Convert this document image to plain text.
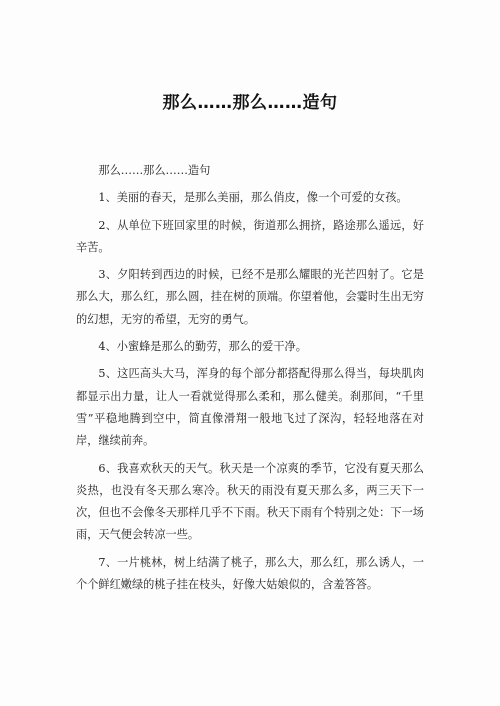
那么……那么……造句

那么……那么……造句

1、美丽的春天，是那么美丽，那么俏皮，像一个可爱的女孩。

2、从单位下班回家里的时候，街道那么拥挤，路途那么遥远，好辛苦。

3、夕阳转到西边的时候，已经不是那么耀眼的光芒四射了。它是那么大，那么红，那么圆，挂在树的顶端。你望着他，会霎时生出无穷的幻想，无穷的希望，无穷的勇气。

4、小蜜蜂是那么的勤劳，那么的爱干净。

5、这匹高头大马，浑身的每个部分都搭配得那么得当，每块肌肉都显示出力量，让人一看就觉得那么柔和，那么健美。刹那间，“千里雪”平稳地腾到空中，简直像滑翔一般地飞过了深沟，轻轻地落在对岸，继续前奔。

6、我喜欢秋天的天气。秋天是一个凉爽的季节，它没有夏天那么炎热，也没有冬天那么寒冷。秋天的雨没有夏天那么多，两三天下一次，但也不会像冬天那样几乎不下雨。秋天下雨有个特别之处：下一场雨，天气便会转凉一些。

7、一片桃林，树上结满了桃子，那么大，那么红，那么诱人，一个个鲜红嫩绿的桃子挂在枝头，好像大姑娘似的，含羞答答。
